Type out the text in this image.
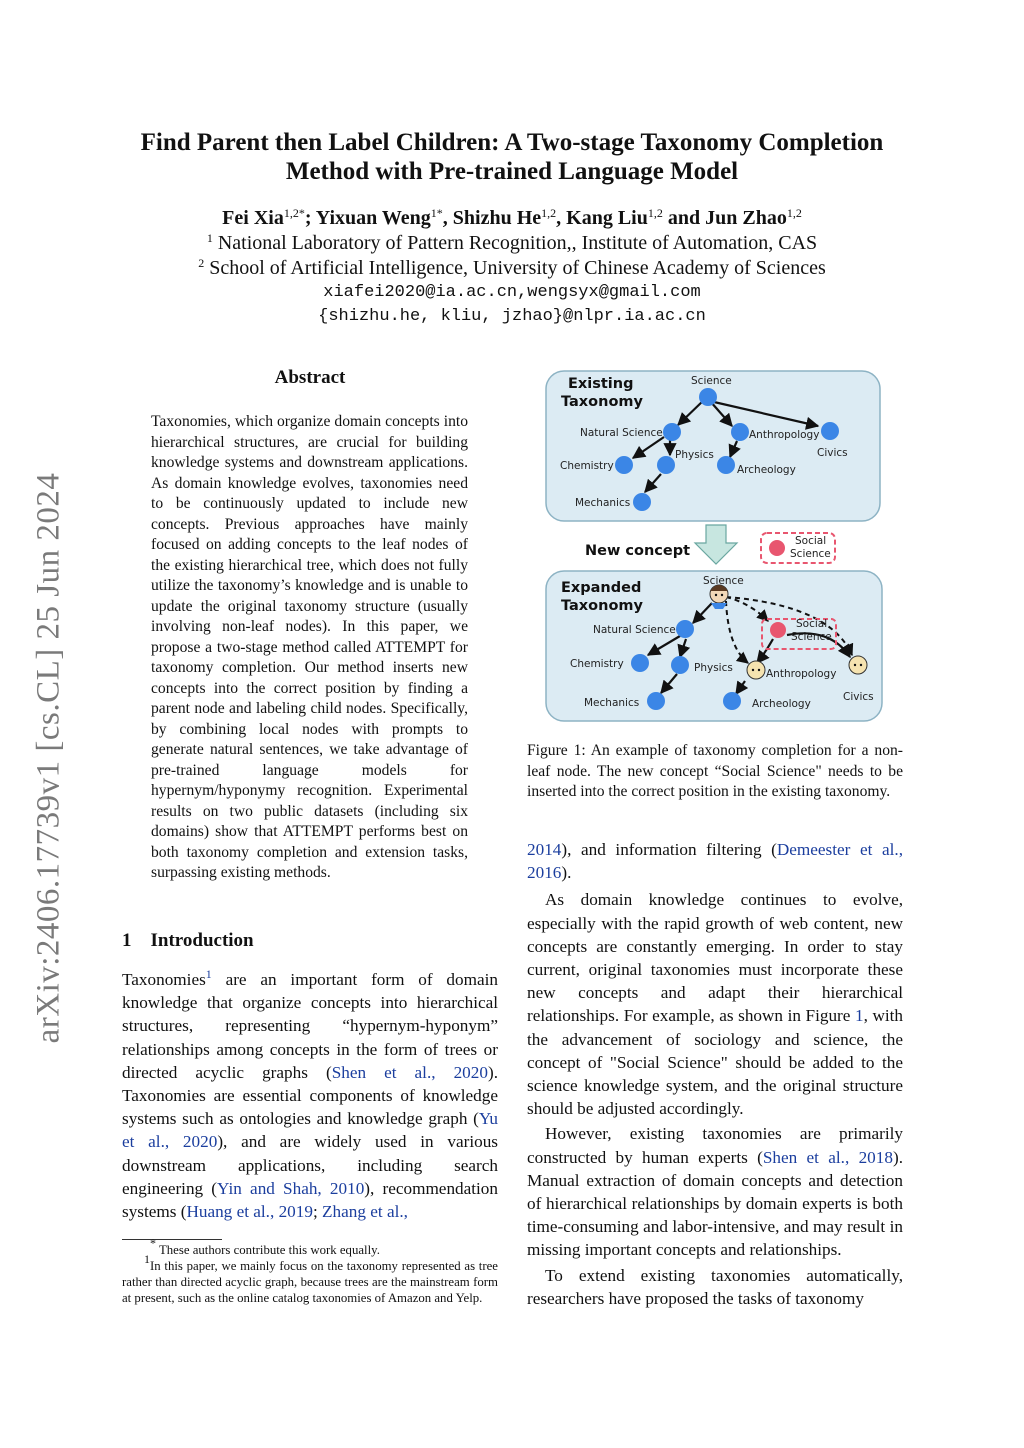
Find Parent then Label Children: A Two-stage Taxonomy Completion
Method with Pre-trained Language Model
Fei Xia$^{1,2*}$; Yixuan Weng$^{1*}$, Shizhu He$^{1,2}$, Kang Liu$^{1,2}$ and Jun Zhao$^{1,2}$
$^1$ National Laboratory of Pattern Recognition,, Institute of Automation, CAS
$^2$ School of Artificial Intelligence, University of Chinese Academy of Sciences
xiafei2020@ia.ac.cn,wengsyx@gmail.com
{shizhu.he, kliu, jzhao}@nlpr.ia.ac.cn
arXiv:2406.17739v1 [cs.CL] 25 Jun 2024
Abstract
Taxonomies, which organize domain concepts into hierarchical structures, are crucial for building knowledge systems and downstream applications. As domain knowledge evolves, taxonomies need to be continuously updated to include new concepts. Previous approaches have mainly focused on adding concepts to the leaf nodes of the existing hierarchical tree, which does not fully utilize the taxonomy’s knowledge and is unable to update the original taxonomy structure (usually involving non-leaf nodes). In this paper, we propose a two-stage method called ATTEMPT for taxonomy completion. Our method inserts new concepts into the correct position by finding a parent node and labeling child nodes. Specifically, by combining local nodes with prompts to generate natural sentences, we take advantage of pre-trained language models for hypernym/hyponymy recognition. Experimental results on two public datasets (including six domains) show that ATTEMPT performs best on both taxonomy completion and extension tasks, surpassing existing methods.
1    Introduction

Taxonomies$^1$ are an important form of domain knowledge that organize concepts into hierarchical structures, representing “hypernym-hyponym” relationships among concepts in the form of trees or directed acyclic graphs (Shen et al., 2020). Taxonomies are essential components of knowledge systems such as ontologies and knowledge graph (Yu et al., 2020), and are widely used in various downstream applications, including search engineering (Yin and Shah, 2010), recommendation systems (Huang et al., 2019; Zhang et al.,

* These authors contribute this work equally.
$^1$In this paper, we mainly focus on the taxonomy represented as tree rather than directed acyclic graph, because trees are the mainstream form at present, such as the online catalog taxonomies of Amazon and Yelp.
Existing
Taxonomy
Science
Natural Science	Anthropology
Civics
Chemistry
Physics
Archeology
Mechanics
New concept
Social
Science
Expanded
Taxonomy
Social
Science
Science
Natural Science
Chemistry	Physics	Anthropology
Civics
Mechanics	Archeology
Figure 1: An example of taxonomy completion for a non-leaf node. The new concept “Social Science" needs to be inserted into the correct position in the existing taxonomy.

2014), and information filtering (Demeester et al., 2016).

As domain knowledge continues to evolve, especially with the rapid growth of web content, new concepts are constantly emerging. In order to stay current, original taxonomies must incorporate these new concepts and adapt their hierarchical relationships. For example, as shown in Figure 1, with the advancement of sociology and science, the concept of "Social Science" should be added to the science knowledge system, and the original structure should be adjusted accordingly.

However, existing taxonomies are primarily constructed by human experts (Shen et al., 2018). Manual extraction of domain concepts and detection of hierarchical relationships by domain experts is both time-consuming and labor-intensive, and may result in missing important concepts and relationships.

To extend existing taxonomies automatically, researchers have proposed the tasks of taxonomy
